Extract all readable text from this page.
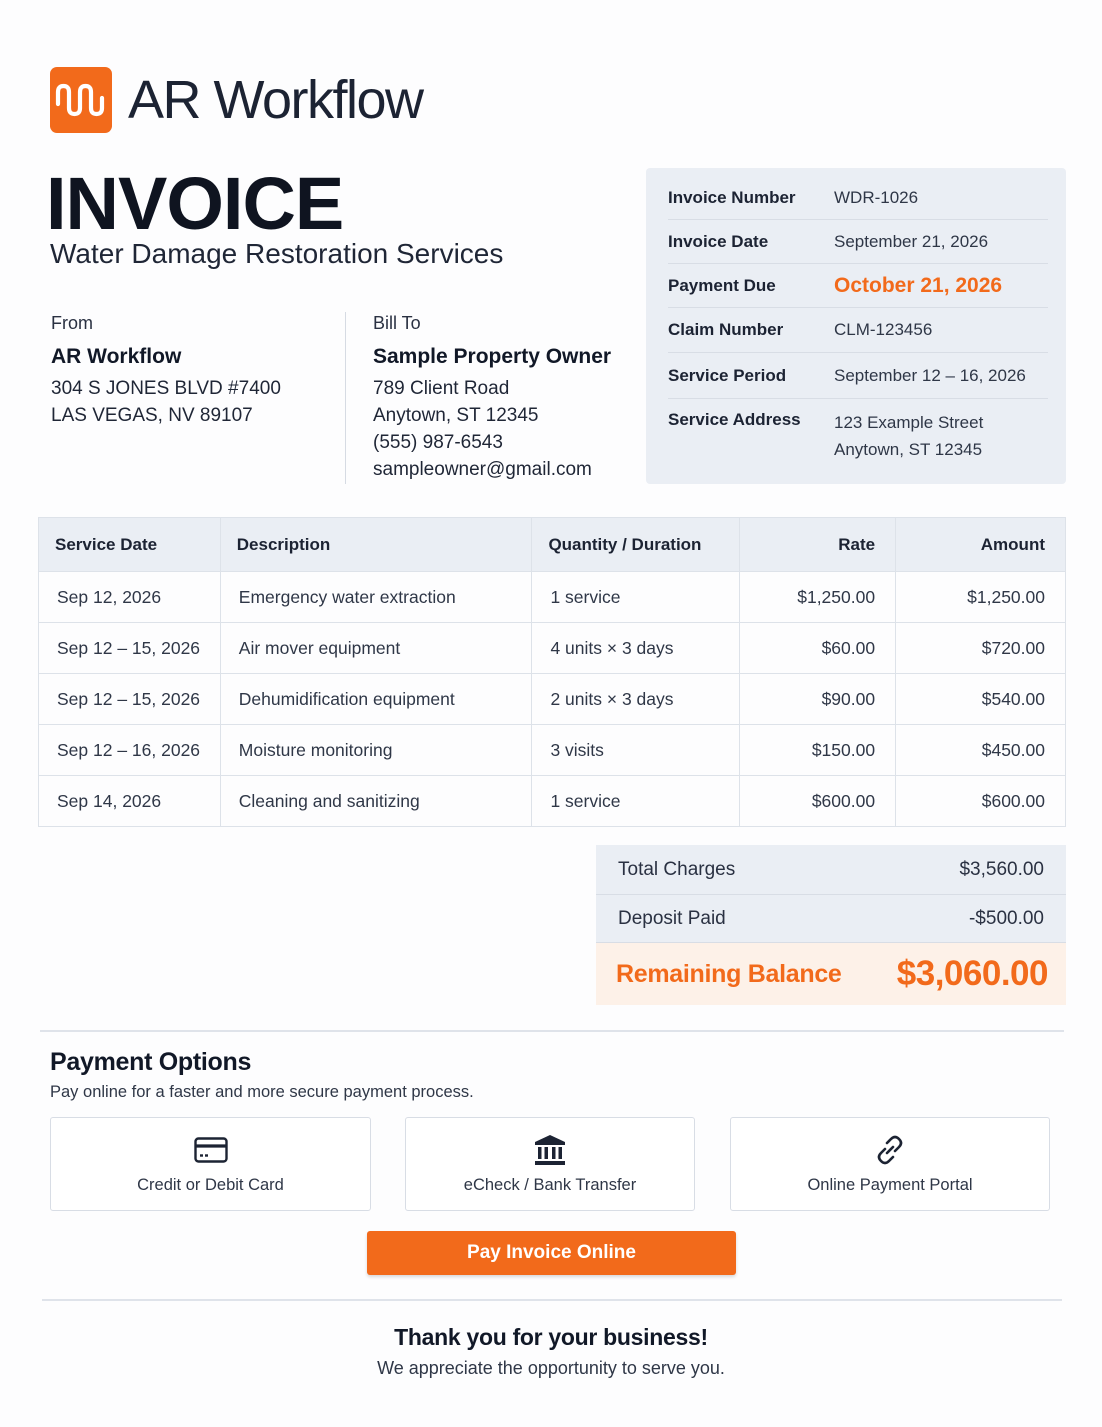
AR Workflow
INVOICE
Water Damage Restoration Services
From
AR Workflow
304 S JONES BLVD #7400
LAS VEGAS, NV 89107
Bill To
Sample Property Owner
789 Client Road
Anytown, ST 12345
(555) 987-6543
sampleowner@gmail.com
Invoice Number	WDR-1026
Invoice Date	September 21, 2026
Payment Due	October 21, 2026
Claim Number	CLM-123456
Service Period	September 12 – 16, 2026
Service Address	123 Example Street
Anytown, ST 12345
Service Date	Description	Quantity / Duration	Rate	Amount
Sep 12, 2026	Emergency water extraction	1 service	$1,250.00	$1,250.00
Sep 12 – 15, 2026	Air mover equipment	4 units × 3 days	$60.00	$720.00
Sep 12 – 15, 2026	Dehumidification equipment	2 units × 3 days	$90.00	$540.00
Sep 12 – 16, 2026	Moisture monitoring	3 visits	$150.00	$450.00
Sep 14, 2026	Cleaning and sanitizing	1 service	$600.00	$600.00
Total Charges	$3,560.00
Deposit Paid	-$500.00
Remaining Balance $3,060.00
Payment Options
Pay online for a faster and more secure payment process.
Credit or Debit Card	eCheck / Bank Transfer	Online Payment Portal
Pay Invoice Online
Thank you for your business!
We appreciate the opportunity to serve you.
